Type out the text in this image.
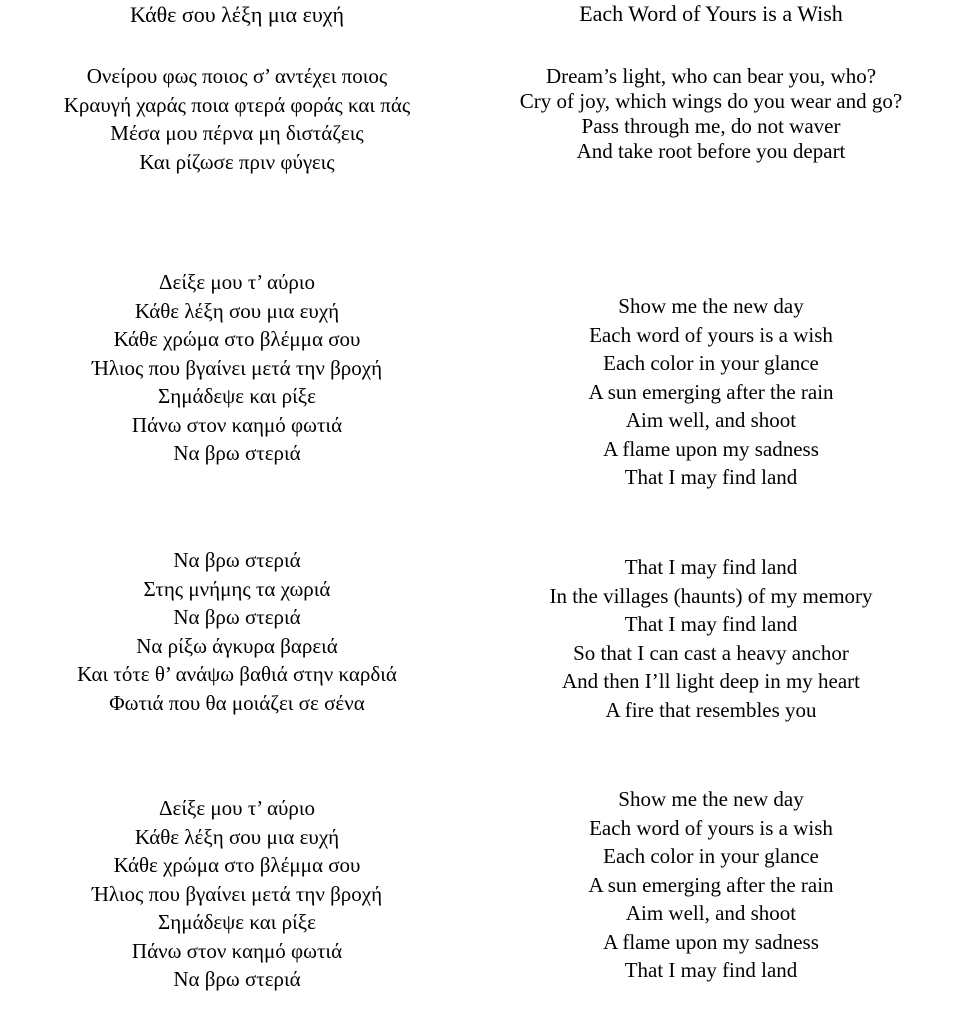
Κάθε σου λέξη μια ευχή
Ονείρου φως ποιος σ’ αντέχει ποιος
Κραυγή χαράς ποια φτερά φοράς και πάς
Μέσα μου πέρνα μη διστάζεις
Και ρίζωσε πριν φύγεις
Δείξε μου τ’ αύριο
Κάθε λέξη σου μια ευχή
Κάθε χρώμα στο βλέμμα σου
Ήλιος που βγαίνει μετά την βροχή
Σημάδεψε και ρίξε
Πάνω στον καημό φωτιά
Να βρω στεριά
Να βρω στεριά
Στης μνήμης τα χωριά
Να βρω στεριά
Να ρίξω άγκυρα βαρειά
Και τότε θ’ ανάψω βαθιά στην καρδιά
Φωτιά που θα μοιάζει σε σένα
Δείξε μου τ’ αύριο
Κάθε λέξη σου μια ευχή
Κάθε χρώμα στο βλέμμα σου
Ήλιος που βγαίνει μετά την βροχή
Σημάδεψε και ρίξε
Πάνω στον καημό φωτιά
Να βρω στεριά
Each Word of Yours is a Wish
Dream’s light, who can bear you, who?
Cry of joy, which wings do you wear and go?
Pass through me, do not waver
And take root before you depart
Show me the new day
Each word of yours is a wish
Each color in your glance
A sun emerging after the rain
Aim well, and shoot
A flame upon my sadness
That I may find land
That I may find land
In the villages (haunts) of my memory
That I may find land
So that I can cast a heavy anchor
And then I’ll light deep in my heart
A fire that resembles you
Show me the new day
Each word of yours is a wish
Each color in your glance
A sun emerging after the rain
Aim well, and shoot
A flame upon my sadness
That I may find land
